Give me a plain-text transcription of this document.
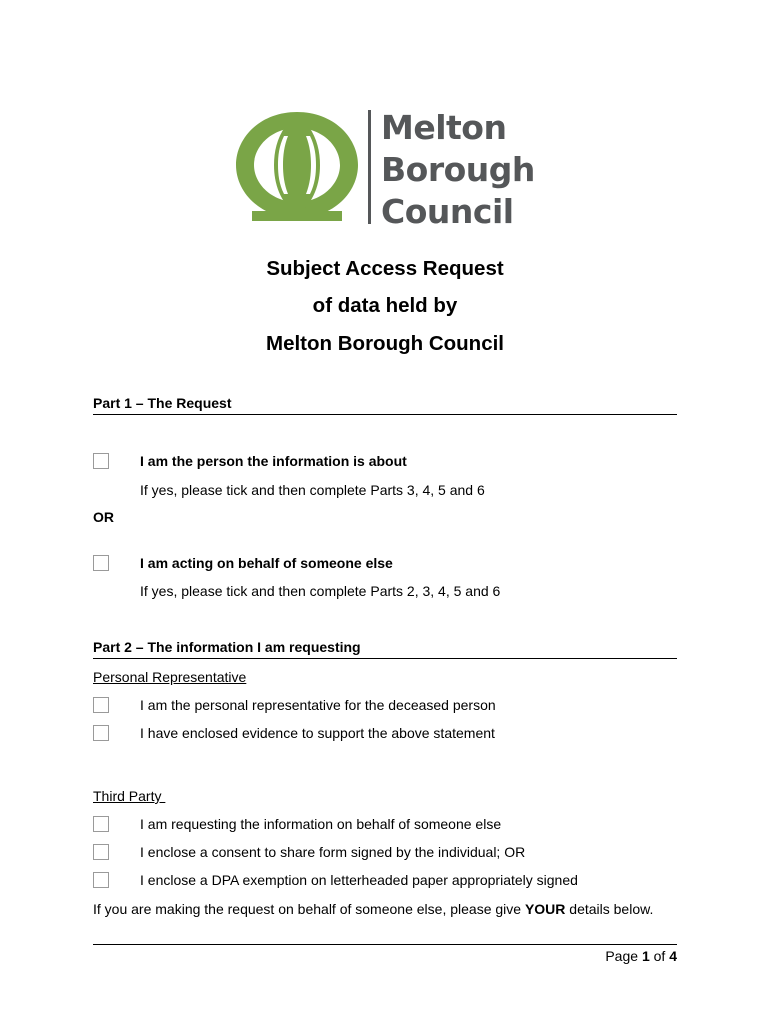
Melton
Borough
Council
Subject Access Request
of data held by
Melton Borough Council
Part 1 – The Request
I am the person the information is about
If yes, please tick and then complete Parts 3, 4, 5 and 6
OR
I am acting on behalf of someone else
If yes, please tick and then complete Parts 2, 3, 4, 5 and 6
Part 2 – The information I am requesting
Personal Representative
I am the personal representative for the deceased person
I have enclosed evidence to support the above statement
Third Party
I am requesting the information on behalf of someone else
I enclose a consent to share form signed by the individual; OR
I enclose a DPA exemption on letterheaded paper appropriately signed
If you are making the request on behalf of someone else, please give YOUR details below.
Page 1 of 4
